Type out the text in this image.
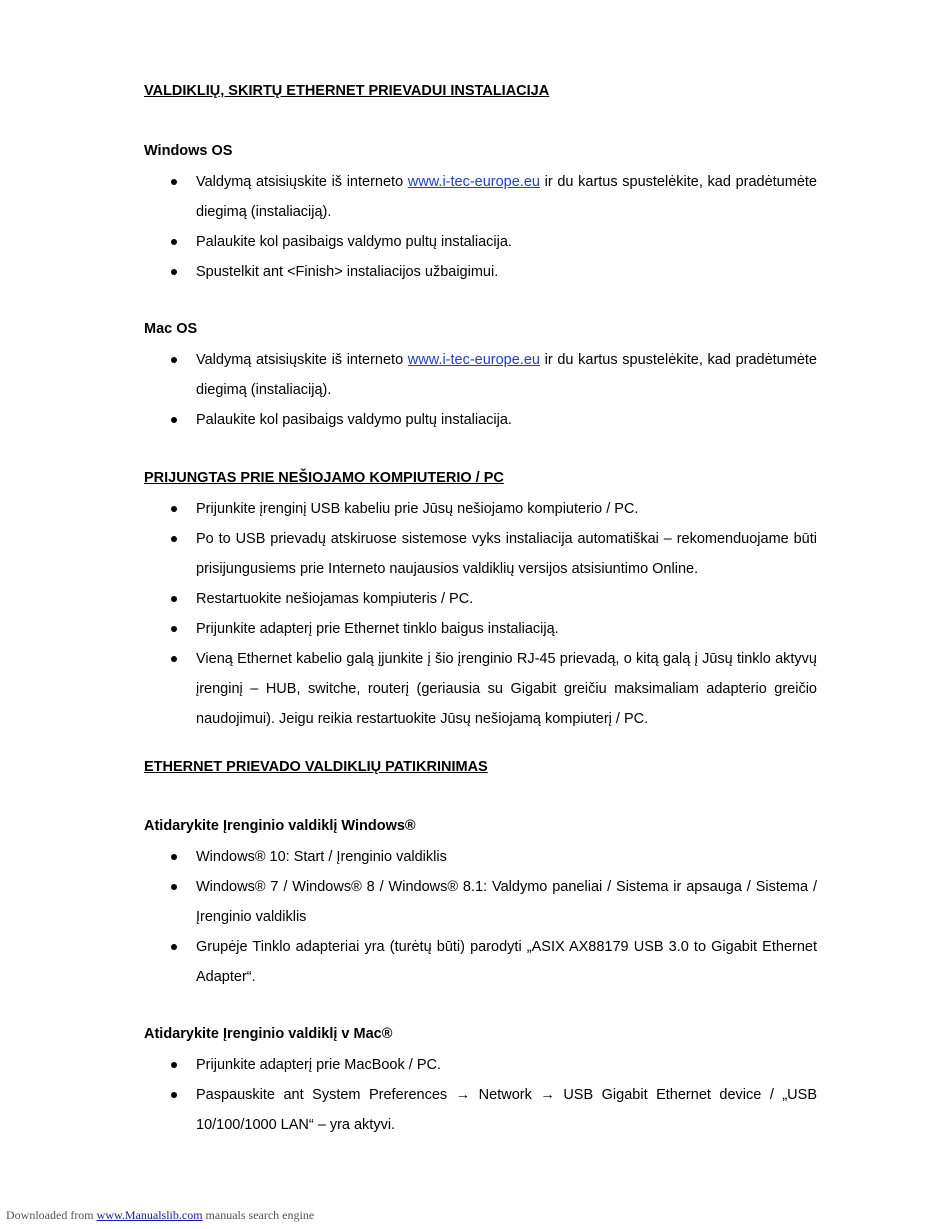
VALDIKLIŲ, SKIRTŲ ETHERNET PRIEVADUI INSTALIACIJA
Windows OS
Valdymą atsisiųskite iš interneto www.i-tec-europe.eu ir du kartus spustelėkite, kad pradėtumėte diegimą (instaliaciją).
Palaukite kol pasibaigs valdymo pultų instaliacija.
Spustelkit ant <Finish> instaliacijos užbaigimui.
Mac OS
Valdymą atsisiųskite iš interneto www.i-tec-europe.eu ir du kartus spustelėkite, kad pradėtumėte diegimą (instaliaciją).
Palaukite kol pasibaigs valdymo pultų instaliacija.
PRIJUNGTAS PRIE NEŠIOJAMO KOMPIUTERIO / PC
Prijunkite įrenginį USB kabeliu prie Jūsų nešiojamo kompiuterio / PC.
Po to USB prievadų atskiruose sistemose vyks instaliacija automatiškai – rekomenduojame būti prisijungusiems prie Interneto naujausios valdiklių versijos atsisiuntimo Online.
Restartuokite nešiojamas kompiuteris / PC.
Prijunkite adapterį prie Ethernet tinklo baigus instaliaciją.
Vieną Ethernet kabelio galą įjunkite į šio įrenginio RJ-45 prievadą, o kitą galą į Jūsų tinklo aktyvų įrenginį – HUB, switche, routerį (geriausia su Gigabit greičiu maksimaliam adapterio greičio naudojimui). Jeigu reikia restartuokite Jūsų nešiojamą kompiuterį / PC.
ETHERNET PRIEVADO VALDIKLIŲ PATIKRINIMAS
Atidarykite Įrenginio valdiklį Windows®
Windows® 10: Start / Įrenginio valdiklis
Windows® 7 / Windows® 8 / Windows® 8.1: Valdymo paneliai / Sistema ir apsauga / Sistema / Įrenginio valdiklis
Grupėje Tinklo adapteriai yra (turėtų būti) parodyti „ASIX AX88179 USB 3.0 to Gigabit Ethernet Adapter“.
Atidarykite Įrenginio valdiklį v Mac®
Prijunkite adapterį prie MacBook / PC.
Paspauskite ant System Preferences → Network → USB Gigabit Ethernet device / „USB 10/100/1000 LAN“ – yra aktyvi.
Downloaded from www.Manualslib.com manuals search engine
